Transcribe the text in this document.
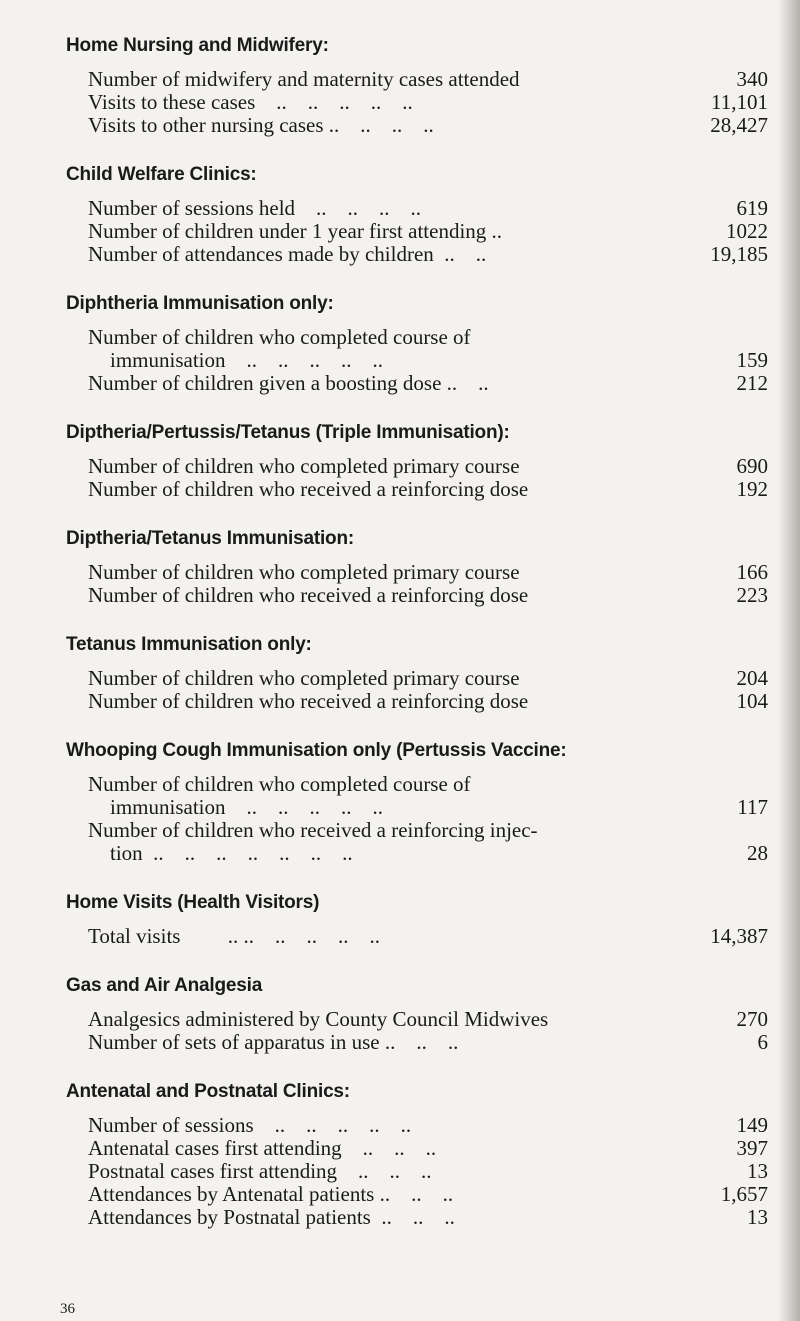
Home Nursing and Midwifery:
Number of midwifery and maternity cases attended	340
Visits to these cases    ..    ..    ..    ..    ..	11,101
Visits to other nursing cases ..    ..    ..    ..	28,427
Child Welfare Clinics:
Number of sessions held    ..    ..    ..    ..	619
Number of children under 1 year first attending ..	1022
Number of attendances made by children  ..    ..	19,185
Diphtheria Immunisation only:
Number of children who completed course of
immunisation    ..    ..    ..    ..    ..	159
Number of children given a boosting dose ..    ..	212
Diptheria/Pertussis/Tetanus (Triple Immunisation):
Number of children who completed primary course	690
Number of children who received a reinforcing dose	192
Diptheria/Tetanus Immunisation:
Number of children who completed primary course	166
Number of children who received a reinforcing dose	223
Tetanus Immunisation only:
Number of children who completed primary course	204
Number of children who received a reinforcing dose	104
Whooping Cough Immunisation only (Pertussis Vaccine:
Number of children who completed course of
immunisation    ..    ..    ..    ..    ..	117
Number of children who received a reinforcing injec-
tion  ..    ..    ..    ..    ..    ..    ..	28
Home Visits (Health Visitors)
Total visits         .. ..    ..    ..    ..    ..	14,387
Gas and Air Analgesia
Analgesics administered by County Council Midwives	270
Number of sets of apparatus in use ..    ..    ..	6
Antenatal and Postnatal Clinics:
Number of sessions    ..    ..    ..    ..    ..	149
Antenatal cases first attending    ..    ..    ..	397
Postnatal cases first attending    ..    ..    ..	13
Attendances by Antenatal patients ..    ..    ..	1,657
Attendances by Postnatal patients  ..    ..    ..	13
36
